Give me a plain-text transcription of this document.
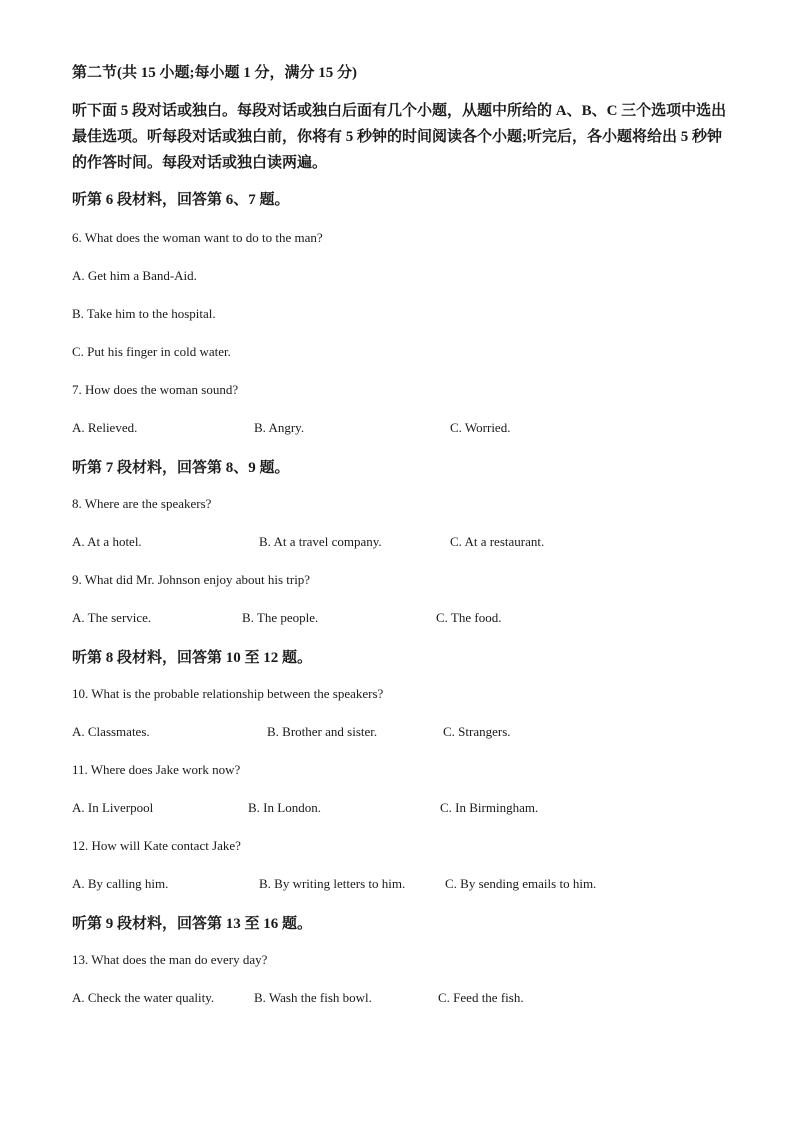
第二节(共 15 小题;每小题 1 分，满分 15 分)
听下面 5 段对话或独白。每段对话或独白后面有几个小题，从题中所给的 A、B、C 三个选项中选出最佳选项。听每段对话或独白前，你将有 5 秒钟的时间阅读各个小题;听完后，各小题将给出 5 秒钟的作答时间。每段对话或独白读两遍。
听第 6 段材料，回答第 6、7 题。
6. What does the woman want to do to the man?
A. Get him a Band-Aid.
B. Take him to the hospital.
C. Put his finger in cold water.
7. How does the woman sound?
A. Relieved.	B. Angry.	C. Worried.
听第 7 段材料，回答第 8、9 题。
8. Where are the speakers?
A. At a hotel.	B. At a travel company.	C. At a restaurant.
9. What did Mr. Johnson enjoy about his trip?
A. The service.	B. The people.	C. The food.
听第 8 段材料，回答第 10 至 12 题。
10. What is the probable relationship between the speakers?
A. Classmates.	B. Brother and sister.	C. Strangers.
11. Where does Jake work now?
A. In Liverpool	B. In London.	C. In Birmingham.
12. How will Kate contact Jake?
A. By calling him.	B. By writing letters to him.	C. By sending emails to him.
听第 9 段材料，回答第 13 至 16 题。
13. What does the man do every day?
A. Check the water quality.	B. Wash the fish bowl.	C. Feed the fish.
